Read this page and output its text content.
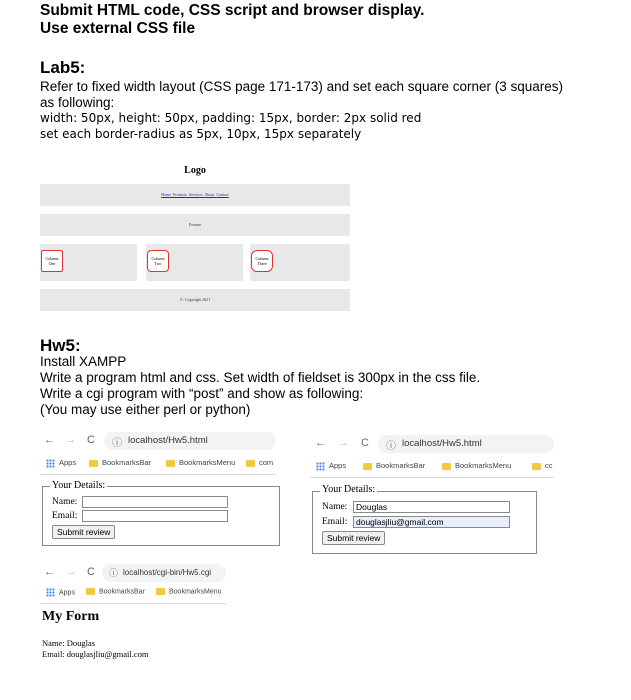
Submit HTML code, CSS script and browser display.
Use external CSS file
Lab5:
Refer to fixed width layout (CSS page 171-173) and set each square corner (3 squares)
as following:
width: 50px, height: 50px, padding: 15px, border: 2px solid red
set each border-radius as 5px, 10px, 15px separately
Logo
Home Products Services About Contact
Feature
Column
One
Column
Two
Column
Three
©: Copyright 2021
Hw5:
Install XAMPP
Write a program html and css. Set width of fieldset is 300px in the css file.
Write a cgi program with “post” and show as following:
(You may use either perl or python)
← → C ⓘ localhost/Hw5.html
Apps	BookmarksBar	BookmarksMenu	com
Your Details:
Name:
Email:
Submit review
← → C ⓘ localhost/Hw5.html
Apps	BookmarksBar	BookmarksMenu	cc
Your Details:
Name:	Douglas
Email:	douglasjliu@gmail.com
Submit review
← → C ⓘ localhost/cgi-bin/Hw5.cgi
Apps	BookmarksBar	BookmarksMenu
My Form
Name: Douglas
Email: douglasjliu@gmail.com
